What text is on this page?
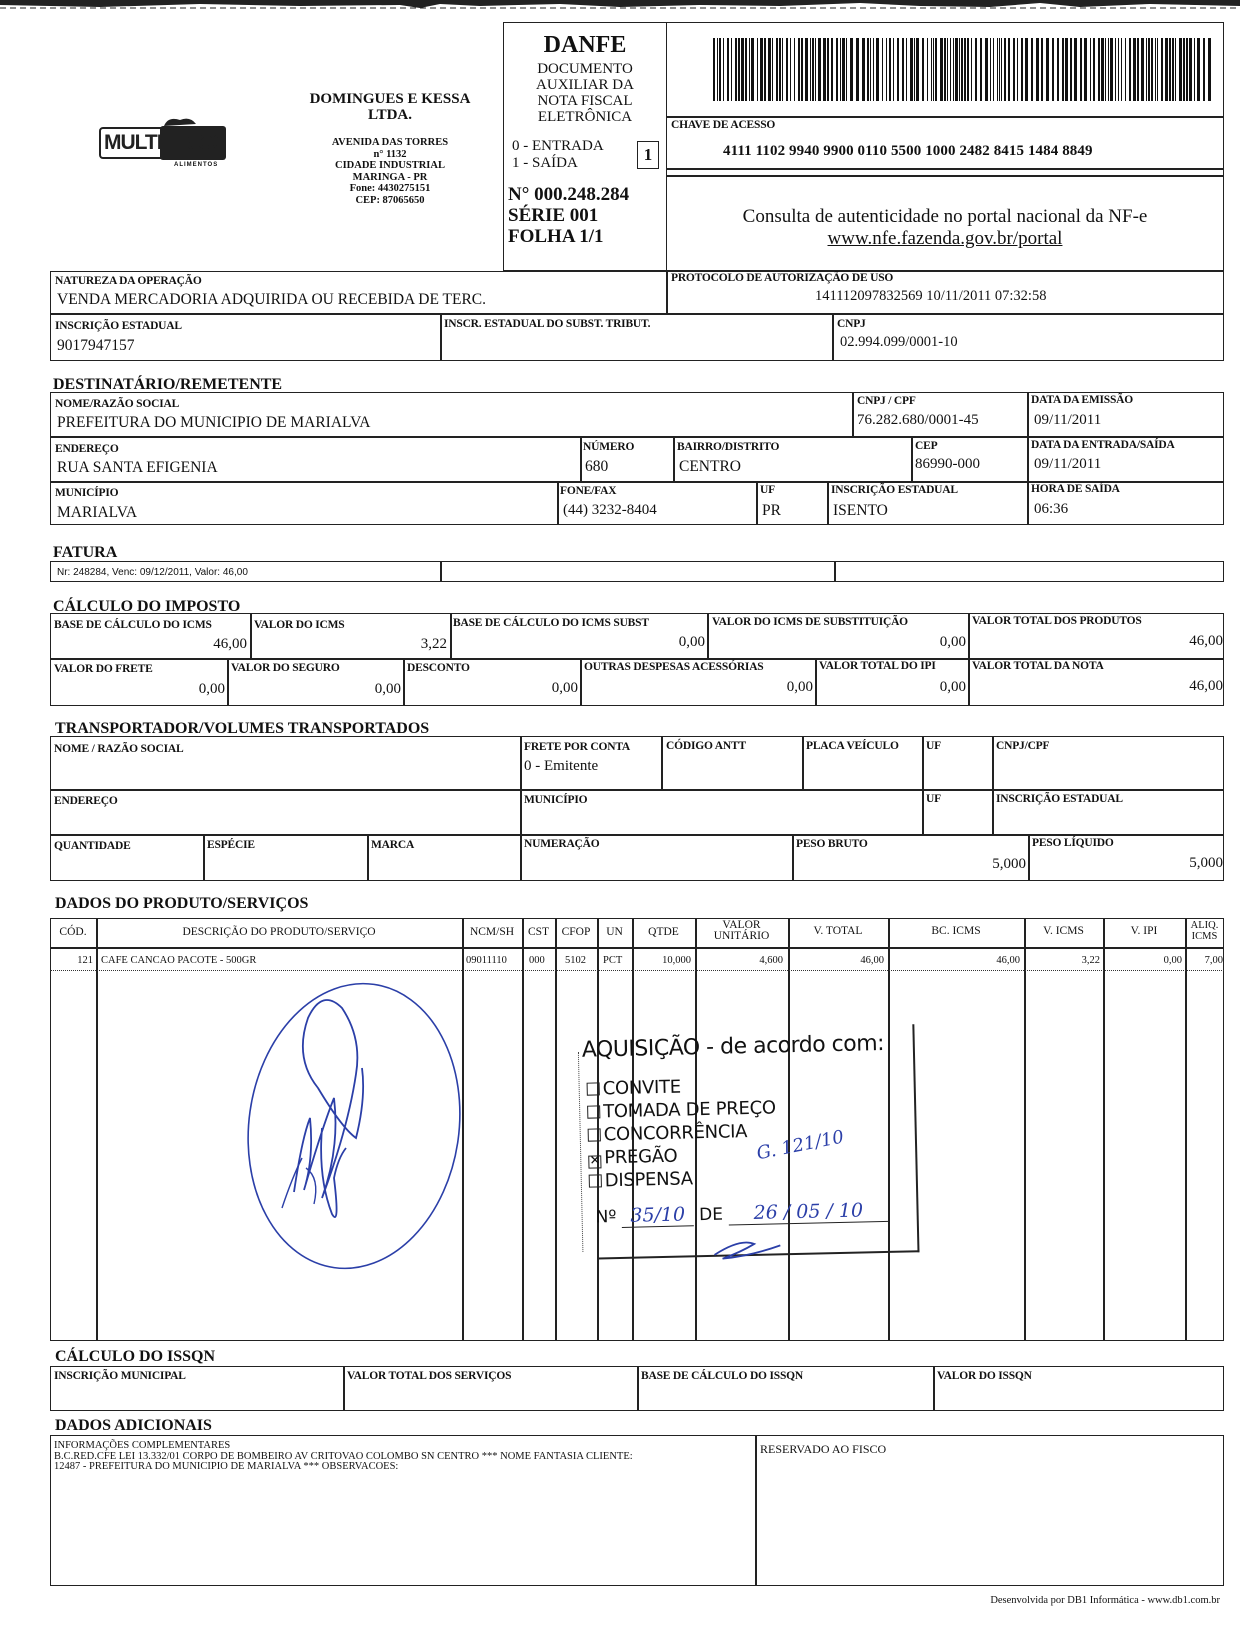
MULTI FRIOS
ALIMENTOS
DOMINGUES E KESSA
LTDA.
AVENIDA DAS TORRES
n° 1132
CIDADE INDUSTRIAL
MARINGA - PR
Fone: 4430275151
CEP: 87065650
DANFE
DOCUMENTO
AUXILIAR DA
NOTA FISCAL
ELETRÔNICA
0 - ENTRADA
1 - SAÍDA	1
N° 000.248.284
SÉRIE 001
FOLHA 1/1
CHAVE DE ACESSO
4111 1102 9940 9900 0110 5500 1000 2482 8415 1484 8849
Consulta de autenticidade no portal nacional da NF-e
www.nfe.fazenda.gov.br/portal
NATUREZA DA OPERAÇÃO
VENDA MERCADORIA ADQUIRIDA OU RECEBIDA DE TERC.
PROTOCOLO DE AUTORIZAÇÃO DE USO
141112097832569 10/11/2011 07:32:58
INSCRIÇÃO ESTADUAL
9017947157
INSCR. ESTADUAL DO SUBST. TRIBUT.	CNPJ
02.994.099/0001-10
DESTINATÁRIO/REMETENTE
NOME/RAZÃO SOCIAL
PREFEITURA DO MUNICIPIO DE MARIALVA
CNPJ / CPF
76.282.680/0001-45
DATA DA EMISSÃO
09/11/2011
ENDEREÇO
RUA SANTA EFIGENIA
NÚMERO
680
BAIRRO/DISTRITO
CENTRO
CEP
86990-000
DATA DA ENTRADA/SAÍDA
09/11/2011
MUNICÍPIO
MARIALVA
FONE/FAX
(44) 3232-8404
UF
PR
INSCRIÇÃO ESTADUAL
ISENTO
HORA DE SAÍDA
06:36
FATURA
Nr: 248284, Venc: 09/12/2011, Valor: 46,00
CÁLCULO DO IMPOSTO
BASE DE CÁLCULO DO ICMS
46,00
VALOR DO ICMS
3,22
BASE DE CÁLCULO DO ICMS SUBST
0,00
VALOR DO ICMS DE SUBSTITUIÇÃO
0,00
VALOR TOTAL DOS PRODUTOS
46,00
VALOR DO FRETE
0,00
VALOR DO SEGURO
0,00
DESCONTO
0,00
OUTRAS DESPESAS ACESSÓRIAS
0,00
VALOR TOTAL DO IPI
0,00
VALOR TOTAL DA NOTA
46,00
TRANSPORTADOR/VOLUMES TRANSPORTADOS
NOME / RAZÃO SOCIAL	FRETE POR CONTA
0 - Emitente
CÓDIGO ANTT	PLACA VEÍCULO UF	CNPJ/CPF
ENDEREÇO	MUNICÍPIO	UF	INSCRIÇÃO ESTADUAL
QUANTIDADE	ESPÉCIE	MARCA	NUMERAÇÃO	PESO BRUTO
5,000
PESO LÍQUIDO
5,000
DADOS DO PRODUTO/SERVIÇOS
CÓD.	DESCRIÇÃO DO PRODUTO/SERVIÇO	NCM/SH	CST	CFOP	UN	QTDE
VALOR
UNITÁRIO	V. TOTAL	BC. ICMS	V. ICMS	V. IPI	ALIQ.
ICMS
121 CAFE CANCAO PACOTE - 500GR	09011110 000 5102 PCT	10,000	4,600	46,00	46,00	3,22	0,00 7,00
AQUISIÇÃO - de acordo com:
CONVITE
TOMADA DE PREÇO
CONCORRÊNCIA
✕ PREGÃO
DISPENSA
G. 121/10
Nº 35/10 DE 26 / 05 / 10
CÁLCULO DO ISSQN
INSCRIÇÃO MUNICIPAL	VALOR TOTAL DOS SERVIÇOS	BASE DE CÁLCULO DO ISSQN	VALOR DO ISSQN
DADOS ADICIONAIS
INFORMAÇÕES COMPLEMENTARES
B.C.RED.CFE LEI 13.332/01 CORPO DE BOMBEIRO AV CRITOVAO COLOMBO SN CENTRO *** NOME FANTASIA CLIENTE:
12487 - PREFEITURA DO MUNICIPIO DE MARIALVA *** OBSERVACOES:
RESERVADO AO FISCO
Desenvolvida por DB1 Informática - www.db1.com.br
